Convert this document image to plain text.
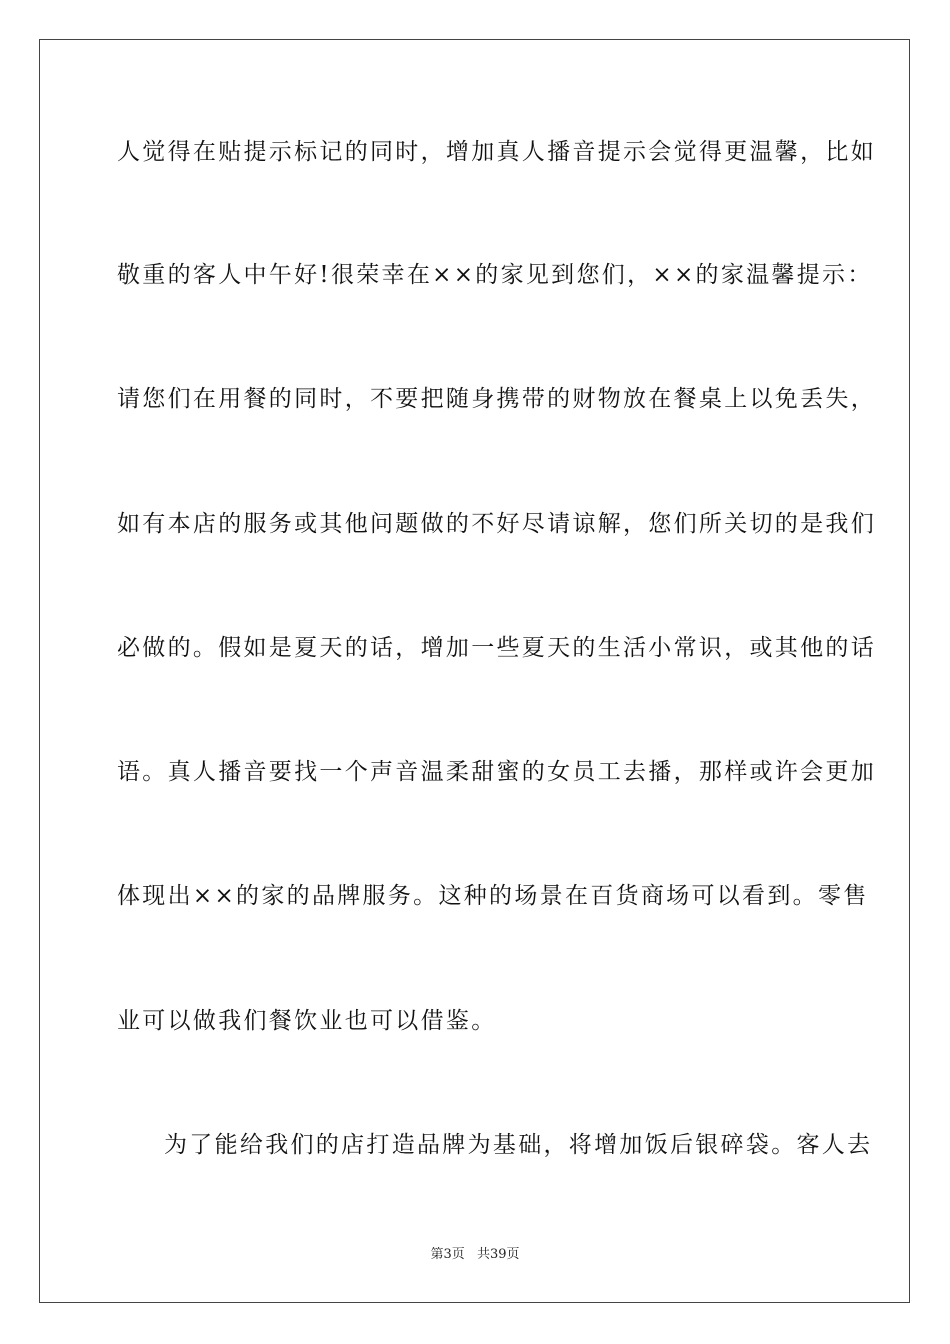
人觉得在贴提示标记的同时，增加真人播音提示会觉得更温馨，比如
敬重的客人中午好!很荣幸在××的家见到您们，××的家温馨提示：
请您们在用餐的同时，不要把随身携带的财物放在餐桌上以免丢失，
如有本店的服务或其他问题做的不好尽请谅解，您们所关切的是我们
必做的。假如是夏天的话，增加一些夏天的生活小常识，或其他的话
语。真人播音要找一个声音温柔甜蜜的女员工去播，那样或许会更加
体现出××的家的品牌服务。这种的场景在百货商场可以看到。零售
业可以做我们餐饮业也可以借鉴。
为了能给我们的店打造品牌为基础，将增加饭后银碎袋。客人去
第3页 共39页
